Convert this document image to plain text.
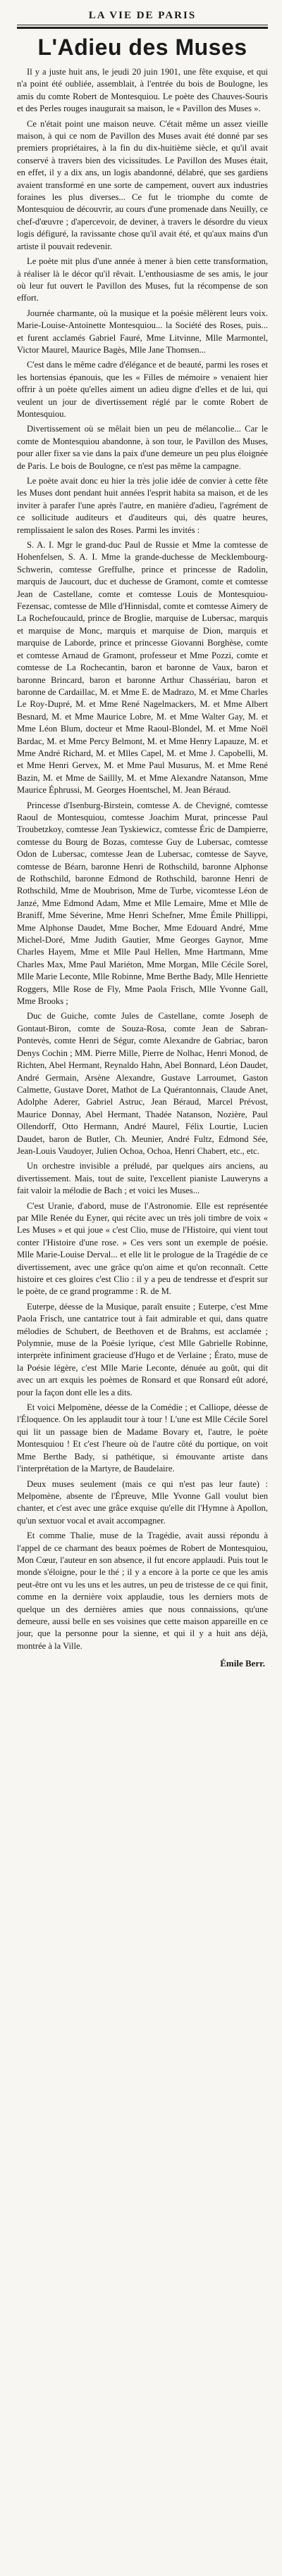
LA VIE DE PARIS
L'Adieu des Muses

Il y a juste huit ans, le jeudi 20 juin 1901, une fête exquise, et qui n'a point été oubliée, assemblait, à l'entrée du bois de Boulogne, les amis du comte Robert de Montesquiou. Le poète des Chauves-Souris et des Perles rouges inaugurait sa maison, le « Pavillon des Muses ».

Ce n'était point une maison neuve. C'était même un assez vieille maison, à qui ce nom de Pavillon des Muses avait été donné par ses premiers propriétaires, à la fin du dix-huitième siècle, et qu'il avait conservé à travers bien des vicissitudes. Le Pavillon des Muses était, en effet, il y a dix ans, un logis abandonné, délabré, que ses gardiens avaient transformé en une sorte de campement, ouvert aux industries foraines les plus diverses... Ce fut le triomphe du comte de Montesquiou de découvrir, au cours d'une promenade dans Neuilly, ce chef-d'œuvre ; d'apercevoir, de deviner, à travers le désordre du vieux logis défiguré, la ravissante chose qu'il avait été, et qu'aux mains d'un artiste il pouvait redevenir.

Le poète mit plus d'une année à mener à bien cette transformation, à réaliser là le décor qu'il rêvait. L'enthousiasme de ses amis, le jour où leur fut ouvert le Pavillon des Muses, fut la récompense de son effort.

Journée charmante, où la musique et la poésie mêlèrent leurs voix. Marie-Louise-Antoinette Montesquiou... la Société des Roses, puis... et furent acclamés Gabriel Fauré, Mme Litvinne, Mlle Marmontel, Victor Maurel, Maurice Bagès, Mlle Jane Thomsen...

C'est dans le même cadre d'élégance et de beauté, parmi les roses et les hortensias épanouis, que les « Filles de mémoire » venaient hier offrir à un poète qu'elles aiment un adieu digne d'elles et de lui, qui veulent un jour de divertissement réglé par le comte Robert de Montesquiou.

Divertissement où se mêlait bien un peu de mélancolie... Car le comte de Montesquiou abandonne, à son tour, le Pavillon des Muses, pour aller fixer sa vie dans la paix d'une demeure un peu plus éloignée de Paris. Le bois de Boulogne, ce n'est pas même la campagne.

Le poète avait donc eu hier la très jolie idée de convier à cette fête les Muses dont pendant huit années l'esprit habita sa maison, et de les inviter à parafer l'une après l'autre, en manière d'adieu, l'agrément de ce sollicitude auditeurs et d'auditeurs qui, dès quatre heures, remplissaient le salon des Roses. Parmi les invités :

S. A. I. Mgr le grand-duc Paul de Russie et Mme la comtesse de Hohenfelsen, S. A. I. Mme la grande-duchesse de Mecklembourg-Schwerin, comtesse Greffulhe, prince et princesse de Radolin, marquis de Jaucourt, duc et duchesse de Gramont, comte et comtesse Jean de Castellane, comte et comtesse Louis de Montesquiou-Fezensac, comtesse de Mlle d'Hinnisdal, comte et comtesse Aimery de La Rochefoucauld, prince de Broglie, marquise de Lubersac, marquis et marquise de Monc, marquis et marquise de Dion, marquis et marquise de Laborde, prince et princesse Giovanni Borghèse, comte et comtesse Arnaud de Gramont, professeur et Mme Pozzi, comte et comtesse de La Rochecantin, baron et baronne de Vaux, baron et baronne Brincard, baron et baronne Arthur Chassériau, baron et baronne de Cardaillac, M. et Mme E. de Madrazo, M. et Mme Charles Le Roy-Dupré, M. et Mme René Nagelmackers, M. et Mme Albert Besnard, M. et Mme Maurice Lobre, M. et Mme Walter Gay, M. et Mme Léon Blum, docteur et Mme Raoul-Blondel, M. et Mme Noël Bardac, M. et Mme Percy Belmont, M. et Mme Henry Lapauze, M. et Mme André Richard, M. et Mlles Capel, M. et Mme J. Capobelli, M. et Mme Henri Gervex, M. et Mme Paul Musurus, M. et Mme René Bazin, M. et Mme de Saillly, M. et Mme Alexandre Natanson, Mme Maurice Éphrussi, M. Georges Hoentschel, M. Jean Béraud.

Princesse d'Isenburg-Birstein, comtesse A. de Chevigné, comtesse Raoul de Montesquiou, comtesse Joachim Murat, princesse Paul Troubetzkoy, comtesse Jean Tyskiewicz, comtesse Éric de Dampierre, comtesse du Bourg de Bozas, comtesse Guy de Lubersac, comtesse Odon de Lubersac, comtesse Jean de Lubersac, comtesse de Sayve, comtesse de Béarn, baronne Henri de Rothschild, baronne Alphonse de Rothschild, baronne Edmond de Rothschild, baronne Henri de Rothschild, Mme de Moubrison, Mme de Turbe, vicomtesse Léon de Janzé, Mme Edmond Adam, Mme et Mlle Lemaire, Mme et Mlle de Braniff, Mme Séverine, Mme Henri Schefner, Mme Émile Phillippi, Mme Alphonse Daudet, Mme Bocher, Mme Edouard André, Mme Michel-Doré, Mme Judith Gautier, Mme Georges Gaynor, Mme Charles Hayem, Mme et Mlle Paul Hellen, Mme Hartmann, Mme Charles Max, Mme Paul Mariéton, Mme Morgan, Mlle Cécile Sorel, Mlle Marie Leconte, Mlle Robinne, Mme Berthe Bady, Mlle Henriette Roggers, Mlle Rose de Fly, Mme Paola Frisch, Mlle Yvonne Gall, Mme Brooks ;

Duc de Guiche, comte Jules de Castellane, comte Joseph de Gontaut-Biron, comte de Souza-Rosa, comte Jean de Sabran-Pontevès, comte Henri de Ségur, comte Alexandre de Gabriac, baron Denys Cochin ; MM. Pierre Mille, Pierre de Nolhac, Henri Monod, de Richten, Abel Hermant, Reynaldo Hahn, Abel Bonnard, Léon Daudet, André Germain, Arsène Alexandre, Gustave Larroumet, Gaston Calmette, Gustave Doret, Mathot de La Quérantonnais, Claude Anet, Adolphe Aderer, Gabriel Astruc, Jean Béraud, Marcel Prévost, Maurice Donnay, Abel Hermant, Thadée Natanson, Nozière, Paul Ollendorff, Otto Hermann, André Maurel, Félix Lourtie, Lucien Daudet, baron de Butler, Ch. Meunier, André Fultz, Edmond Sée, Jean-Louis Vaudoyer, Julien Ochoa, Ochoa, Henri Chabert, etc., etc.

Un orchestre invisible a préludé, par quelques airs anciens, au divertissement. Mais, tout de suite, l'excellent pianiste Lauweryns a fait valoir la mélodie de Bach ; et voici les Muses...

C'est Uranie, d'abord, muse de l'Astronomie. Elle est représentée par Mlle Renée du Eyner, qui récite avec un très joli timbre de voix « Les Muses » et qui joue « c'est Clio, muse de l'Histoire, qui vient tout conter l'Histoire d'une rose. » Ces vers sont un exemple de poésie. Mlle Marie-Louise Derval... et elle lit le prologue de la Tragédie de ce divertissement, avec une grâce qu'on aime et qu'on reconnaît. Cette histoire et ces gloires c'est Clio : il y a peu de tendresse et d'esprit sur le poète, de ce grand programme : R. de M.

Euterpe, déesse de la Musique, paraît ensuite ; Euterpe, c'est Mme Paola Frisch, une cantatrice tout à fait admirable et qui, dans quatre mélodies de Schubert, de Beethoven et de Brahms, est acclamée ; Polymnie, muse de la Poésie lyrique, c'est Mlle Gabrielle Robinne, interprète infiniment gracieuse d'Hugo et de Verlaine ; Érato, muse de la Poésie légère, c'est Mlle Marie Leconte, dénuée au goût, qui dit avec un art exquis les poèmes de Ronsard et que Ronsard eût adoré, pour la façon dont elle les a dits.

Et voici Melpomène, déesse de la Comédie ; et Calliope, déesse de l'Éloquence. On les applaudit tour à tour ! L'une est Mlle Cécile Sorel qui lit un passage bien de Madame Bovary et, l'autre, le poète Montesquiou ! Et c'est l'heure où de l'autre côté du portique, on voit Mme Berthe Bady, si pathétique, si émouvante artiste dans l'interprétation de la Martyre, de Baudelaire.

Deux muses seulement (mais ce qui n'est pas leur faute) : Melpomène, absente de l'Épreuve, Mlle Yvonne Gall voulut bien chanter, et c'est avec une grâce exquise qu'elle dit l'Hymne à Apollon, qu'un sextuor vocal et avait accompagner.

Et comme Thalie, muse de la Tragédie, avait aussi répondu à l'appel de ce charmant des beaux poèmes de Robert de Montesquiou, Mon Cœur, l'auteur en son absence, il fut encore applaudi. Puis tout le monde s'éloigne, pour le thé ; il y a encore à la porte ce que les amis peut-être ont vu les uns et les autres, un peu de tristesse de ce qui finit, comme en la dernière voix applaudie, tous les derniers mots de quelque un des dernières amies que nous connaissions, qu'une demeure, aussi belle en ses voisines que cette maison appareille en ce jour, que la personne pour la sienne, et qui il y a huit ans déjà, montrée à la Ville.

Émile Berr.
